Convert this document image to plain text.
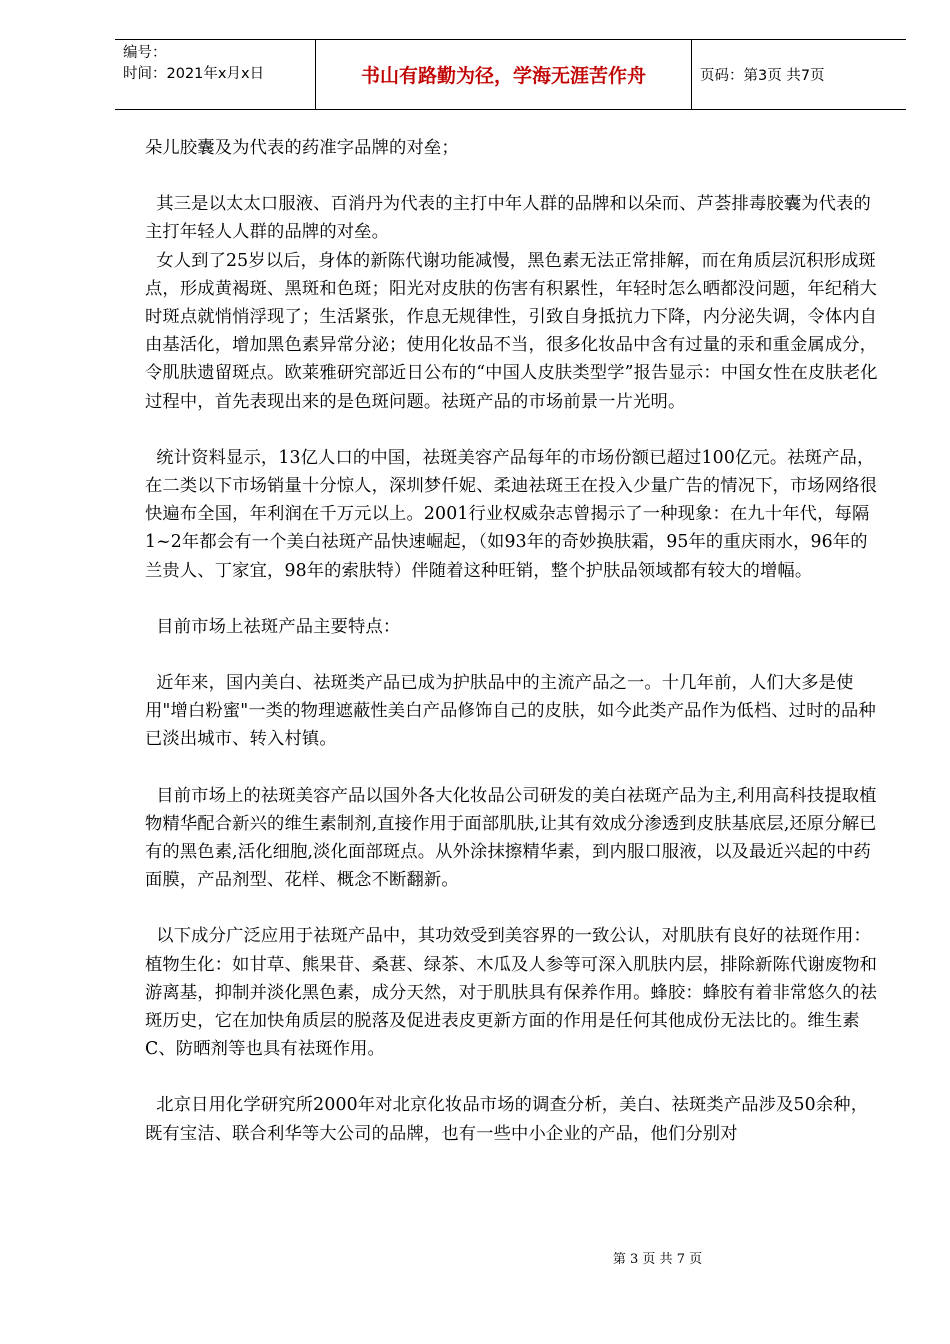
编号：
时间：2021年x月x日	书山有路勤为径，学海无涯苦作舟	页码：第3页 共7页

朵儿胶囊及为代表的药准字品牌的对垒；

其三是以太太口服液、百消丹为代表的主打中年人群的品牌和以朵而、芦荟排毒胶囊为代表的主打年轻人人群的品牌的对垒。

女人到了25岁以后，身体的新陈代谢功能减慢，黑色素无法正常排解，而在角质层沉积形成斑点，形成黄褐斑、黑斑和色斑；阳光对皮肤的伤害有积累性，年轻时怎么晒都没问题，年纪稍大时斑点就悄悄浮现了；生活紧张，作息无规律性，引致自身抵抗力下降，内分泌失调，令体内自由基活化，增加黑色素异常分泌；使用化妆品不当，很多化妆品中含有过量的汞和重金属成分，令肌肤遗留斑点。欧莱雅研究部近日公布的“中国人皮肤类型学”报告显示：中国女性在皮肤老化过程中，首先表现出来的是色斑问题。祛斑产品的市场前景一片光明。

统计资料显示，13亿人口的中国，祛斑美容产品每年的市场份额已超过100亿元。祛斑产品，在二类以下市场销量十分惊人，深圳梦仟妮、柔迪祛斑王在投入少量广告的情况下，市场网络很快遍布全国，年利润在千万元以上。2001行业权威杂志曾揭示了一种现象：在九十年代，每隔1~2年都会有一个美白祛斑产品快速崛起，（如93年的奇妙换肤霜，95年的重庆雨水，96年的兰贵人、丁家宜，98年的索肤特）伴随着这种旺销，整个护肤品领域都有较大的增幅。

目前市场上祛斑产品主要特点：

近年来，国内美白、祛斑类产品已成为护肤品中的主流产品之一。十几年前，人们大多是使用"增白粉蜜"一类的物理遮蔽性美白产品修饰自己的皮肤，如今此类产品作为低档、过时的品种已淡出城市、转入村镇。

目前市场上的祛斑美容产品以国外各大化妆品公司研发的美白祛斑产品为主,利用高科技提取植物精华配合新兴的维生素制剂,直接作用于面部肌肤,让其有效成分渗透到皮肤基底层,还原分解已有的黑色素,活化细胞,淡化面部斑点。从外涂抹擦精华素，到内服口服液，以及最近兴起的中药面膜，产品剂型、花样、概念不断翻新。

以下成分广泛应用于祛斑产品中，其功效受到美容界的一致公认，对肌肤有良好的祛斑作用：植物生化：如甘草、熊果苷、桑葚、绿茶、木瓜及人参等可深入肌肤内层，排除新陈代谢废物和游离基，抑制并淡化黑色素，成分天然，对于肌肤具有保养作用。蜂胶：蜂胶有着非常悠久的祛斑历史，它在加快角质层的脱落及促进表皮更新方面的作用是任何其他成份无法比的。维生素C、防晒剂等也具有祛斑作用。

北京日用化学研究所2000年对北京化妆品市场的调查分析，美白、祛斑类产品涉及50余种，既有宝洁、联合利华等大公司的品牌，也有一些中小企业的产品，他们分别对

第 3 页 共 7 页
